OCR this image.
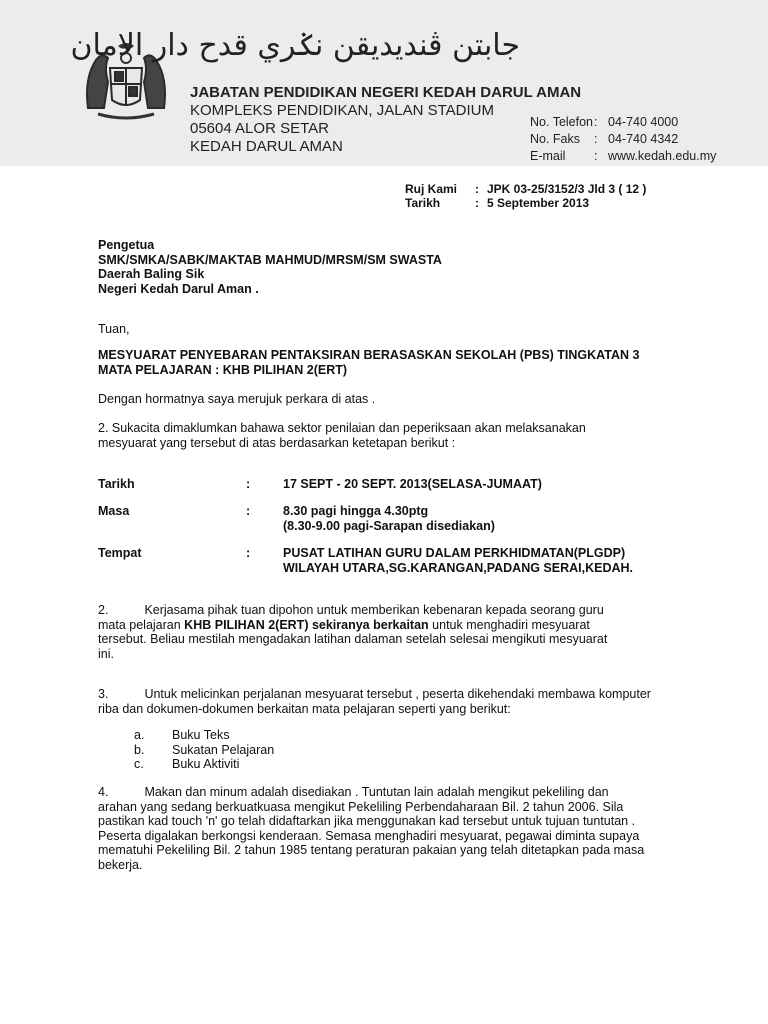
جابتن ڤنديديقن نݢري قدح دار الامان
JABATAN PENDIDIKAN NEGERI KEDAH DARUL AMAN
KOMPLEKS PENDIDIKAN, JALAN STADIUM
05604 ALOR SETAR
KEDAH DARUL AMAN
No. Telefon : 04-740 4000
No. Faks	: 04-740 4342
E-mail	: www.kedah.edu.my
Ruj Kami	: JPK 03-25/3152/3 Jld 3 ( 12 )
Tarikh	: 5 September 2013
Pengetua
SMK/SMKA/SABK/MAKTAB MAHMUD/MRSM/SM SWASTA
Daerah Baling Sik
Negeri Kedah Darul Aman .
Tuan,
MESYUARAT PENYEBARAN PENTAKSIRAN BERASASKAN SEKOLAH (PBS) TINGKATAN 3
MATA PELAJARAN : KHB PILIHAN 2(ERT)
Dengan hormatnya saya merujuk perkara di atas .
2. Sukacita dimaklumkan bahawa sektor penilaian dan peperiksaan akan melaksanakan
mesyuarat yang tersebut di atas berdasarkan ketetapan berikut :
Tarikh	:	17 SEPT - 20 SEPT. 2013(SELASA-JUMAAT)
Masa	:	8.30 pagi hingga 4.30ptg
(8.30-9.00 pagi-Sarapan disediakan)
Tempat	:	PUSAT LATIHAN GURU DALAM PERKHIDMATAN(PLGDP)
WILAYAH UTARA,SG.KARANGAN,PADANG SERAI,KEDAH.
2.	Kerjasama pihak tuan dipohon untuk memberikan kebenaran kepada seorang guru
mata pelajaran KHB PILIHAN 2(ERT) sekiranya berkaitan untuk menghadiri mesyuarat
tersebut. Beliau mestilah mengadakan latihan dalaman setelah selesai mengikuti mesyuarat
ini.
3.	Untuk melicinkan perjalanan mesyuarat tersebut , peserta dikehendaki membawa komputer
riba dan dokumen-dokumen berkaitan mata pelajaran seperti yang berikut:
a.	Buku Teks
b.	Sukatan Pelajaran
c.	Buku Aktiviti
4.	Makan dan minum adalah disediakan . Tuntutan lain adalah mengikut pekeliling dan
arahan yang sedang berkuatkuasa mengikut Pekeliling Perbendaharaan Bil. 2 tahun 2006. Sila
pastikan kad touch 'n' go telah didaftarkan jika menggunakan kad tersebut untuk tujuan tuntutan .
Peserta digalakan berkongsi kenderaan. Semasa menghadiri mesyuarat, pegawai diminta supaya
mematuhi Pekeliling Bil. 2 tahun 1985 tentang peraturan pakaian yang telah ditetapkan pada masa
bekerja.
